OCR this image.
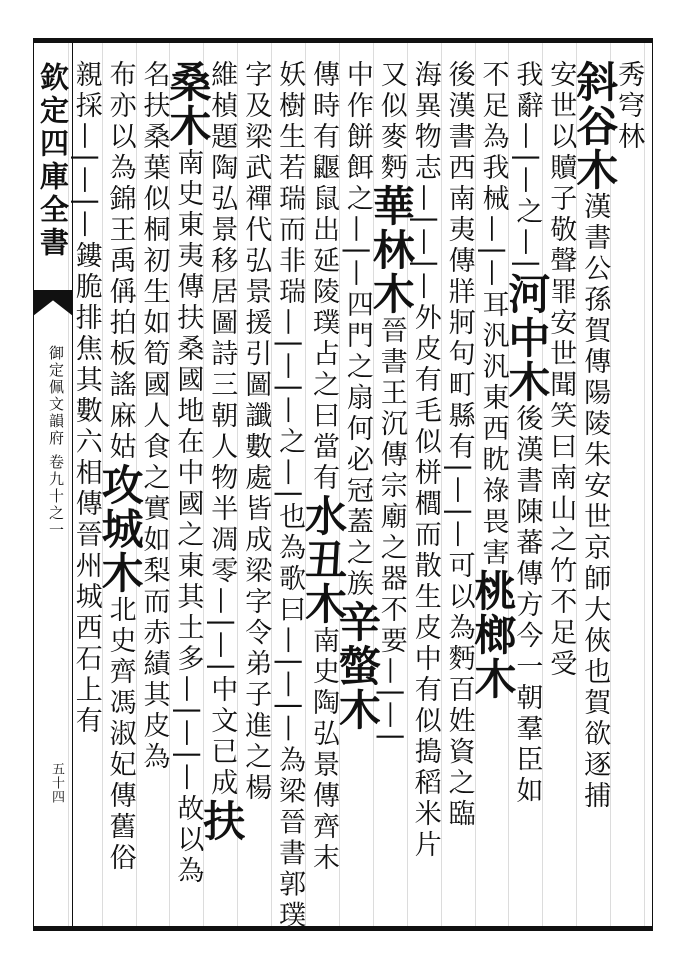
欽定四庫全書
御定佩文韻府 卷九十之一
五十四
秀穹林
斜谷木漢書公孫賀傳陽陵朱安世京師大俠也賀欲逐捕
安世以贖子敬聲罪安世聞笑曰南山之竹不足受
我辭—|—之—|河中木後漢書陳蕃傳方今一朝羣臣如
不足為我械—|—耳汎汎東西眈祿畏害桃榔木
後漢書西南夷傳牂牁句町縣有|—|—可以為麪百姓資之臨
海異物志—|—|—外皮有毛似栟櫚而散生皮中有似搗稻米片
又似麥麪華林木晉書王沉傳宗廟之器不要—|—|
中作餅餌之—|—四門之扇何必冠蓋之族辛螫木
傳時有鼴鼠出延陵璞占之曰當有水丑木南史陶弘景傳齊末
妖樹生若瑞而非瑞—|—|—之—|也為歌曰—|—|—為梁晉書郭璞
字及梁武禪代弘景援引圖讖數處皆成梁字令弟子進之楊
維楨題陶弘景移居圖詩三朝人物半凋零—|—|中文已成扶
桑木南史東夷傳扶桑國地在中國之東其土多—|—|—故以為
名扶桑葉似桐初生如筍國人食之實如梨而赤績其皮為
布亦以為錦王禹偁拍板謠麻姑攻城木北史齊馮淑妃傳舊俗
親採—|—|—鏤脆排焦其數六相傳晉州城西石上有
